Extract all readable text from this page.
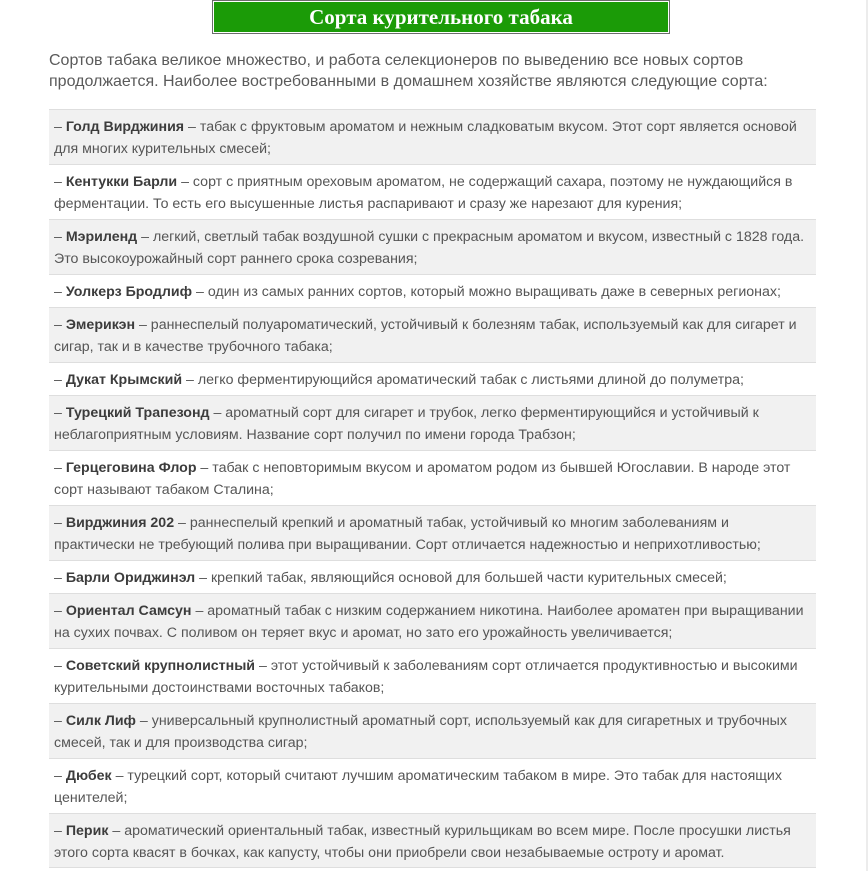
Сорта курительного табака

Сортов табака великое множество, и работа селекционеров по выведению все новых сортов продолжается. Наиболее востребованными в домашнем хозяйстве являются следующие сорта:

– Голд Вирджиния – табак с фруктовым ароматом и нежным сладковатым вкусом. Этот сорт является основой для многих курительных смесей;
– Кентукки Барли – сорт с приятным ореховым ароматом, не содержащий сахара, поэтому не нуждающийся в ферментации. То есть его высушенные листья распаривают и сразу же нарезают для курения;
– Мэриленд – легкий, светлый табак воздушной сушки с прекрасным ароматом и вкусом, известный с 1828 года. Это высокоурожайный сорт раннего срока созревания;
– Уолкерз Бродлиф – один из самых ранних сортов, который можно выращивать даже в северных регионах;
– Эмерикэн – раннеспелый полуароматический, устойчивый к болезням табак, используемый как для сигарет и сигар, так и в качестве трубочного табака;
– Дукат Крымский – легко ферментирующийся ароматический табак с листьями длиной до полуметра;
– Турецкий Трапезонд – ароматный сорт для сигарет и трубок, легко ферментирующийся и устойчивый к неблагоприятным условиям. Название сорт получил по имени города Трабзон;
– Герцеговина Флор – табак с неповторимым вкусом и ароматом родом из бывшей Югославии. В народе этот сорт называют табаком Сталина;
– Вирджиния 202 – раннеспелый крепкий и ароматный табак, устойчивый ко многим заболеваниям и практически не требующий полива при выращивании. Сорт отличается надежностью и неприхотливостью;
– Барли Ориджинэл – крепкий табак, являющийся основой для большей части курительных смесей;
– Ориентал Самсун – ароматный табак с низким содержанием никотина. Наиболее ароматен при выращивании на сухих почвах. С поливом он теряет вкус и аромат, но зато его урожайность увеличивается;
– Советский крупнолистный – этот устойчивый к заболеваниям сорт отличается продуктивностью и высокими курительными достоинствами восточных табаков;
– Силк Лиф – универсальный крупнолистный ароматный сорт, используемый как для сигаретных и трубочных смесей, так и для производства сигар;
– Дюбек – турецкий сорт, который считают лучшим ароматическим табаком в мире. Это табак для настоящих ценителей;
– Перик – ароматический ориентальный табак, известный курильщикам во всем мире. После просушки листья этого сорта квасят в бочках, как капусту, чтобы они приобрели свои незабываемые остроту и аромат.
